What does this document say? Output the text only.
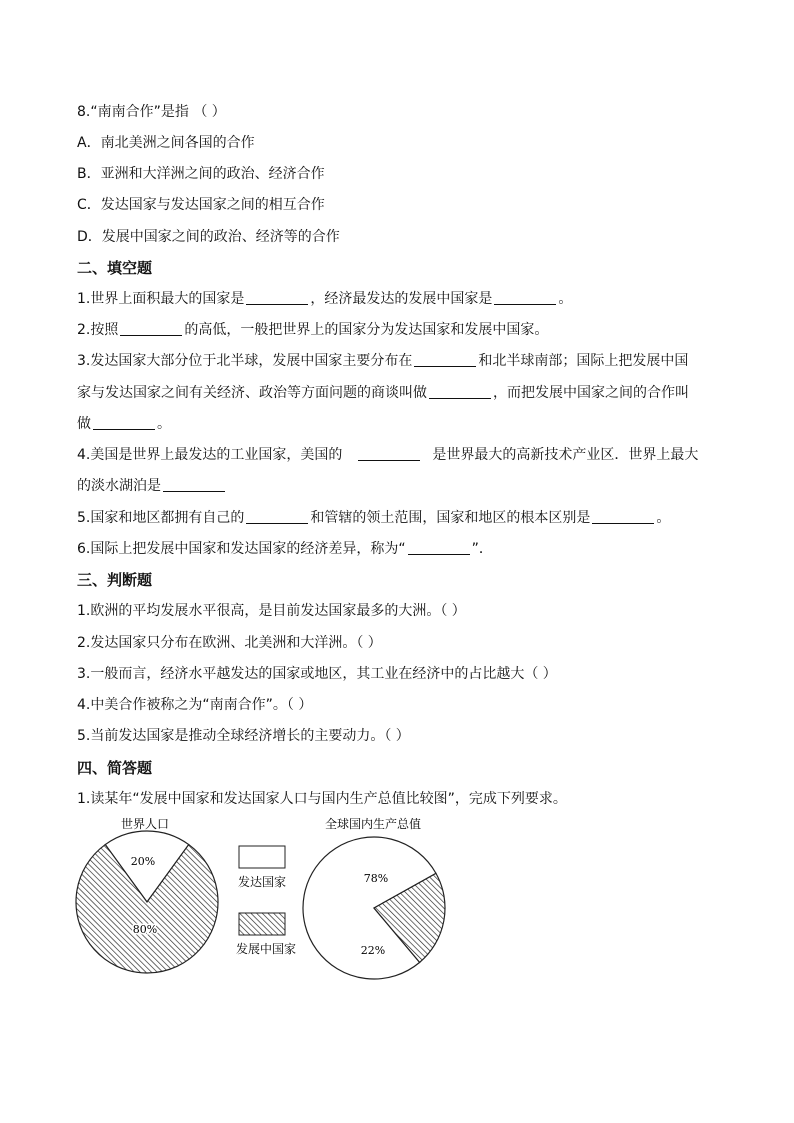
8.“南南合作”是指 （ ）
A．南北美洲之间各国的合作
B．亚洲和大洋洲之间的政治、经济合作
C．发达国家与发达国家之间的相互合作
D．发展中国家之间的政治、经济等的合作
二、填空题
1.世界上面积最大的国家是	，经济最发达的发展中国家是	。
2.按照	的高低，一般把世界上的国家分为发达国家和发展中国家。
3.发达国家大部分位于北半球，发展中国家主要分布在	和北半球南部；国际上把发展中国
家与发达国家之间有关经济、政治等方面问题的商谈叫做	，而把发展中国家之间的合作叫
做	。
4.美国是世界上最发达的工业国家，美国的	是世界最大的高新技术产业区．世界上最大
的淡水湖泊是
5.国家和地区都拥有自己的	和管辖的领土范围，国家和地区的根本区别是	。
6.国际上把发展中国家和发达国家的经济差异，称为“	”．
三、判断题
1.欧洲的平均发展水平很高，是目前发达国家最多的大洲。（ ）
2.发达国家只分布在欧洲、北美洲和大洋洲。（ ）
3.一般而言，经济水平越发达的国家或地区，其工业在经济中的占比越大（ ）
4.中美合作被称之为“南南合作”。（ ）
5.当前发达国家是推动全球经济增长的主要动力。（ ）
四、简答题
1.读某年“发展中国家和发达国家人口与国内生产总值比较图”，完成下列要求。
世界人口	全球国内生产总值
20%
80%
78%
22%
发达国家
发展中国家
